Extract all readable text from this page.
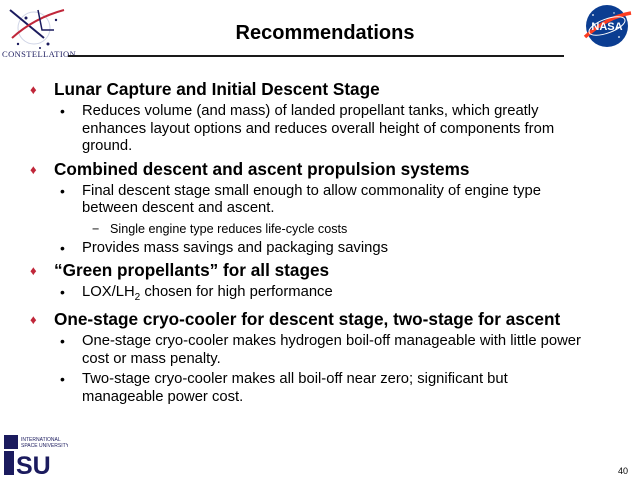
CONSTELLATION
Recommendations	NASA
♦ Lunar Capture and Initial Descent Stage
• Reduces volume (and mass) of landed propellant tanks, which greatly enhances layout options and reduces overall height of components from ground.
♦ Combined descent and ascent propulsion systems
• Final descent stage small enough to allow commonality of engine type between descent and ascent.
− Single engine type reduces life-cycle costs
• Provides mass savings and packaging savings
♦ “Green propellants” for all stages
• LOX/$LH_2$ chosen for high performance
♦ One-stage cryo-cooler for descent stage, two-stage for ascent
• One-stage cryo-cooler makes hydrogen boil-off manageable with little power cost or mass penalty.
• Two-stage cryo-cooler makes all boil-off near zero; significant but manageable power cost.
INTERNATIONAL
SPACE UNIVERSITY
SU	40
